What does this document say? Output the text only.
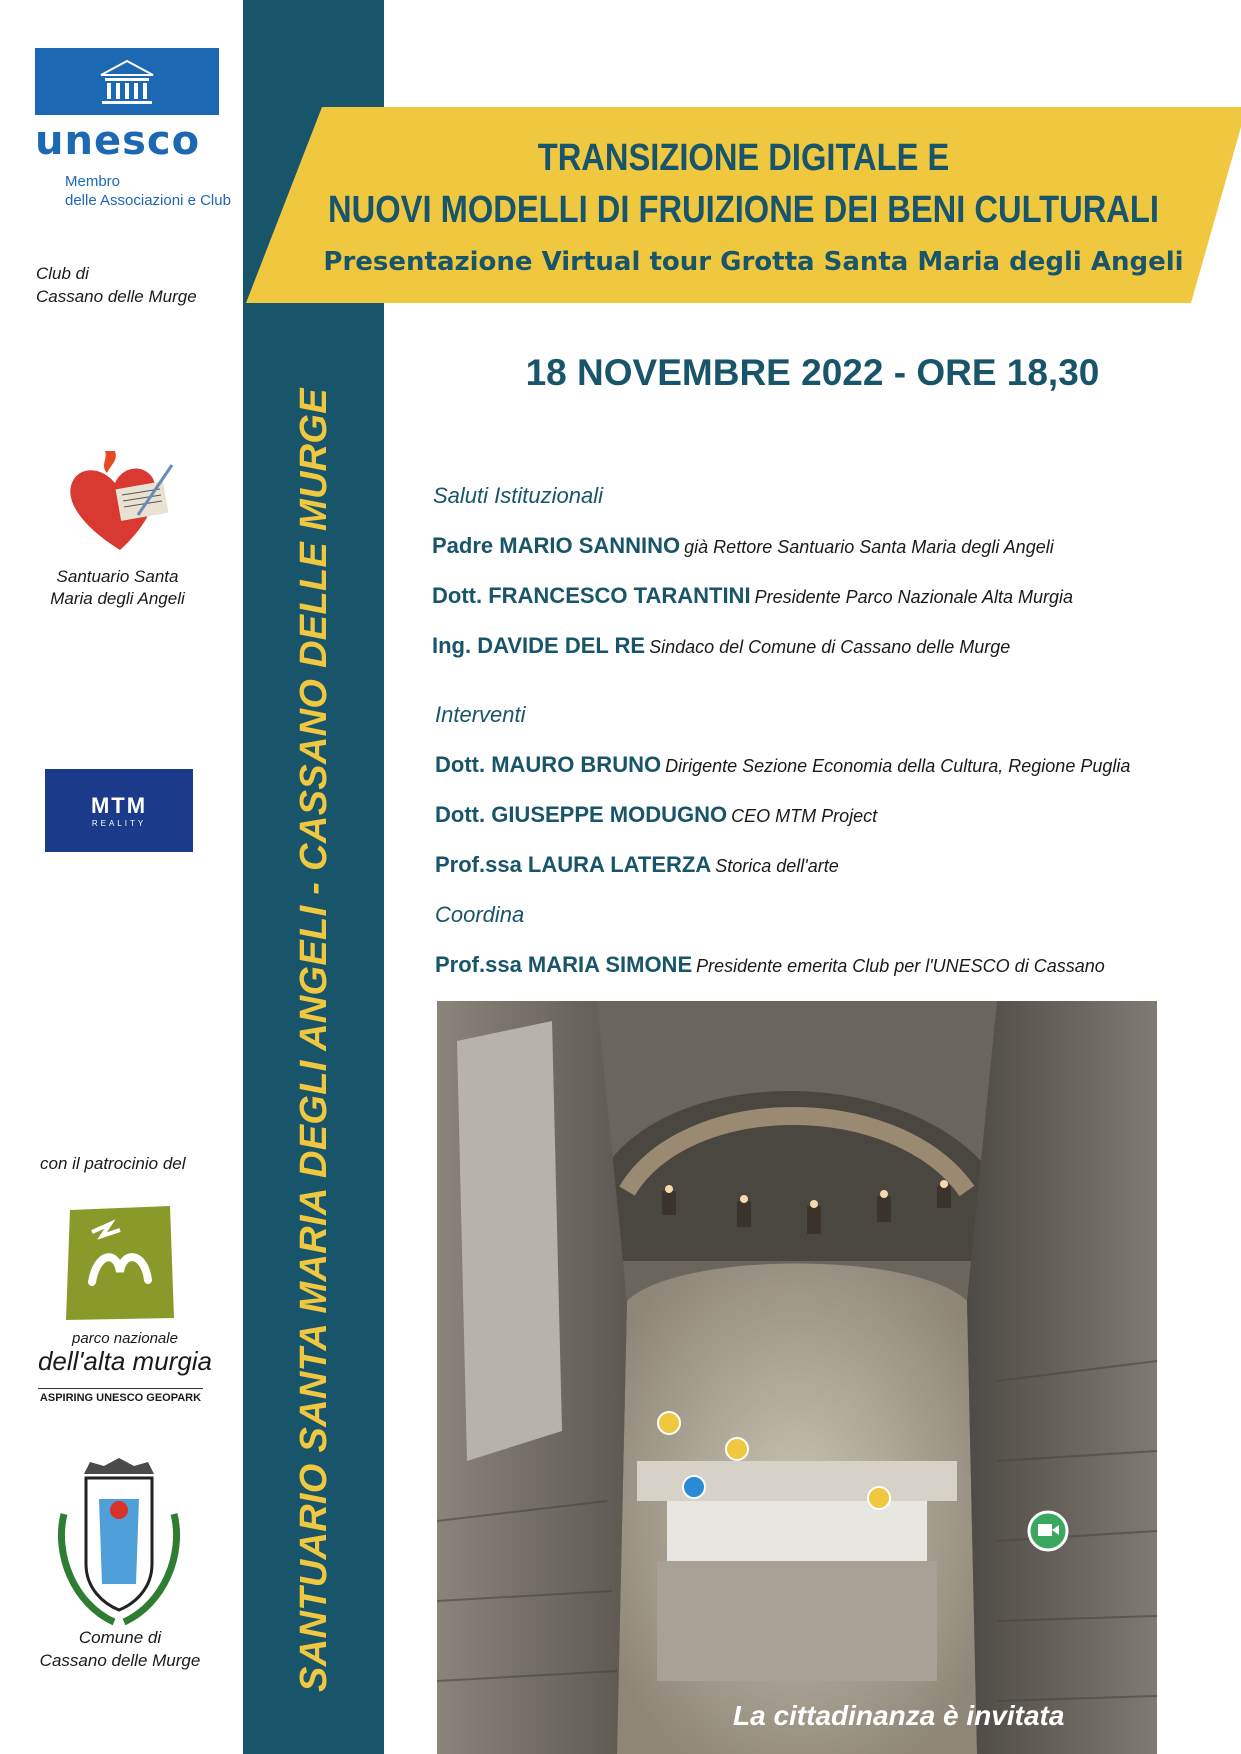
unesco
Membro
delle Associazioni e Club
Club di
Cassano delle Murge
Santuario Santa
Maria degli Angeli
MTM
REALITY
con il patrocinio del
parco nazionale
dell'alta murgia
ASPIRING UNESCO GEOPARK
Comune di
Cassano delle Murge	SANTUARIO SANTA MARIA DEGLI ANGELI - CASSANO DELLE MURGE
TRANSIZIONE DIGITALE E
NUOVI MODELLI DI FRUIZIONE DEI BENI CULTURALI
Presentazione Virtual tour Grotta Santa Maria degli Angeli
18 NOVEMBRE 2022 - ORE 18,30
Saluti Istituzionali
Padre MARIO SANNINO già Rettore Santuario Santa Maria degli Angeli
Dott. FRANCESCO TARANTINI Presidente Parco Nazionale Alta Murgia
Ing. DAVIDE DEL RE Sindaco del Comune di Cassano delle Murge
Interventi
Dott. MAURO BRUNO Dirigente Sezione Economia della Cultura, Regione Puglia
Dott. GIUSEPPE MODUGNO CEO MTM Project
Prof.ssa LAURA LATERZA Storica dell'arte
Coordina
Prof.ssa MARIA SIMONE Presidente emerita Club per l'UNESCO di Cassano
La cittadinanza è invitata
